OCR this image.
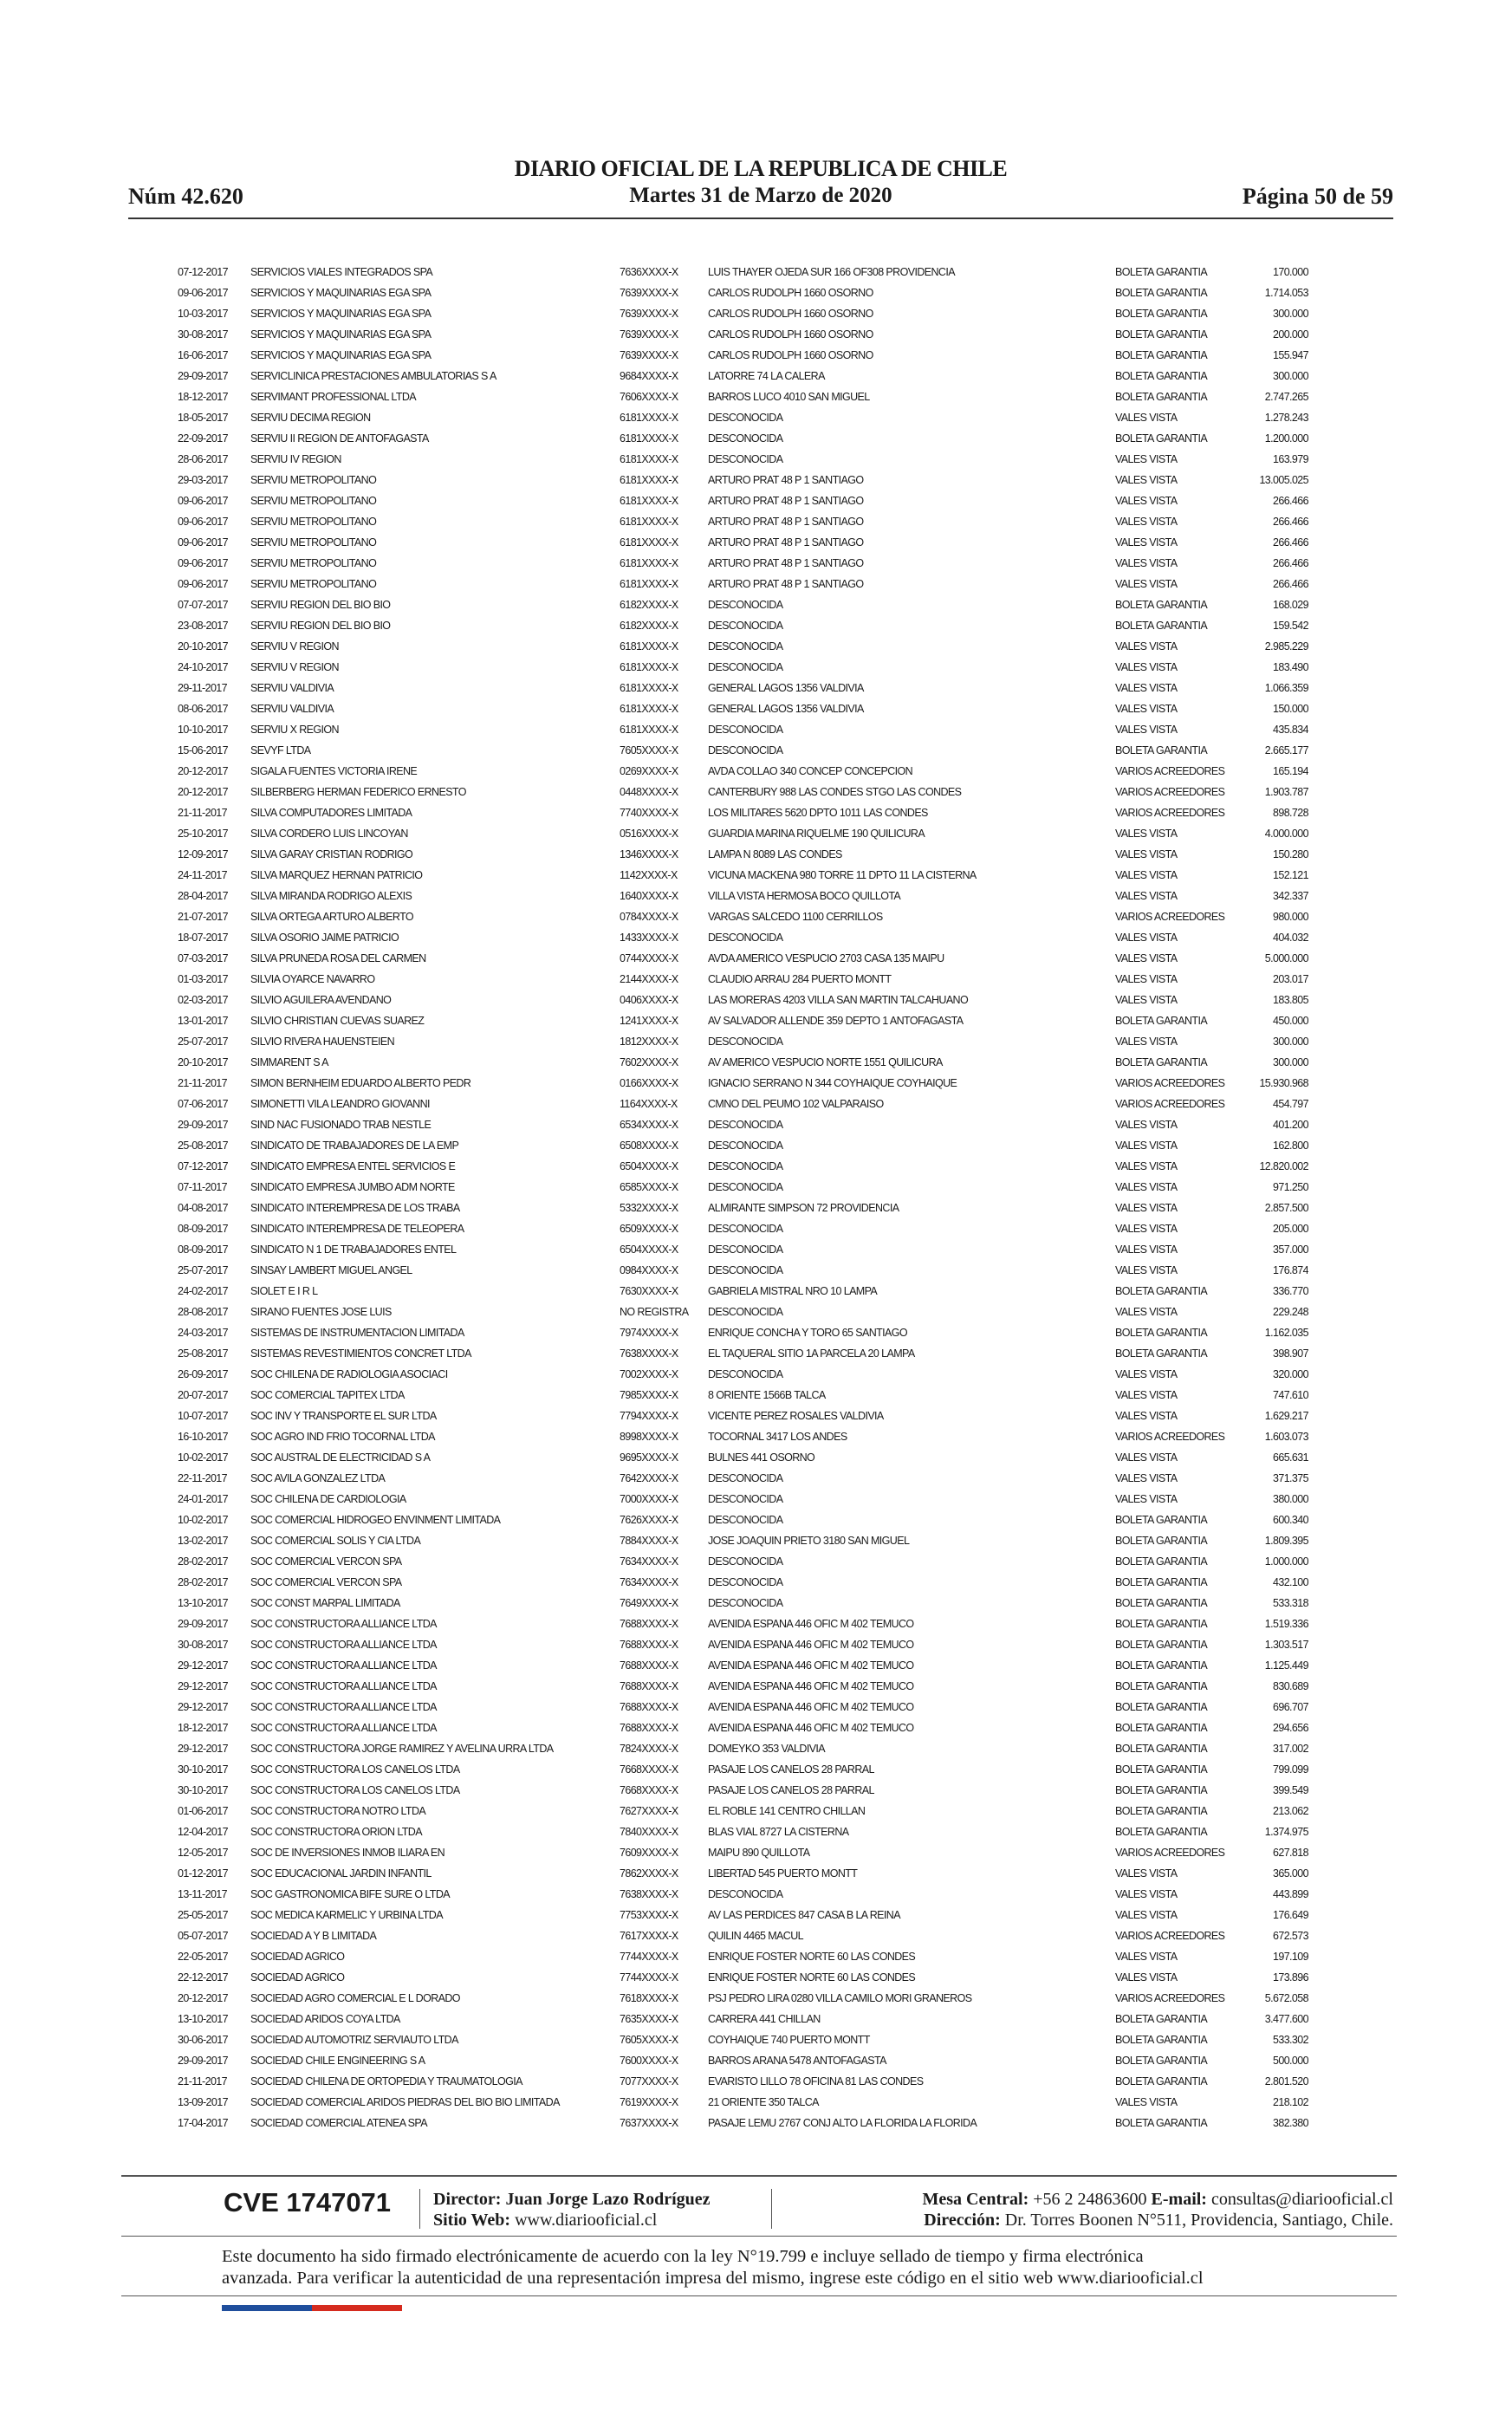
Núm 42.620
DIARIO OFICIAL DE LA REPUBLICA DE CHILE
Martes 31 de Marzo de 2020	Página 50 de 59
07-12-2017	SERVICIOS VIALES INTEGRADOS SPA	7636XXXX-X	LUIS THAYER OJEDA SUR 166 OF308 PROVIDENCIA	BOLETA GARANTIA	170.000
09-06-2017	SERVICIOS Y MAQUINARIAS EGA SPA	7639XXXX-X	CARLOS RUDOLPH 1660 OSORNO	BOLETA GARANTIA	1.714.053
10-03-2017	SERVICIOS Y MAQUINARIAS EGA SPA	7639XXXX-X	CARLOS RUDOLPH 1660 OSORNO	BOLETA GARANTIA	300.000
30-08-2017	SERVICIOS Y MAQUINARIAS EGA SPA	7639XXXX-X	CARLOS RUDOLPH 1660 OSORNO	BOLETA GARANTIA	200.000
16-06-2017	SERVICIOS Y MAQUINARIAS EGA SPA	7639XXXX-X	CARLOS RUDOLPH 1660 OSORNO	BOLETA GARANTIA	155.947
29-09-2017	SERVICLINICA PRESTACIONES AMBULATORIAS S A	9684XXXX-X	LATORRE 74 LA CALERA	BOLETA GARANTIA	300.000
18-12-2017	SERVIMANT PROFESSIONAL LTDA	7606XXXX-X	BARROS LUCO 4010 SAN MIGUEL	BOLETA GARANTIA	2.747.265
18-05-2017	SERVIU DECIMA REGION	6181XXXX-X	DESCONOCIDA	VALES VISTA	1.278.243
22-09-2017	SERVIU II REGION DE ANTOFAGASTA	6181XXXX-X	DESCONOCIDA	BOLETA GARANTIA	1.200.000
28-06-2017	SERVIU IV REGION	6181XXXX-X	DESCONOCIDA	VALES VISTA	163.979
29-03-2017	SERVIU METROPOLITANO	6181XXXX-X	ARTURO PRAT 48 P 1 SANTIAGO	VALES VISTA	13.005.025
09-06-2017	SERVIU METROPOLITANO	6181XXXX-X	ARTURO PRAT 48 P 1 SANTIAGO	VALES VISTA	266.466
09-06-2017	SERVIU METROPOLITANO	6181XXXX-X	ARTURO PRAT 48 P 1 SANTIAGO	VALES VISTA	266.466
09-06-2017	SERVIU METROPOLITANO	6181XXXX-X	ARTURO PRAT 48 P 1 SANTIAGO	VALES VISTA	266.466
09-06-2017	SERVIU METROPOLITANO	6181XXXX-X	ARTURO PRAT 48 P 1 SANTIAGO	VALES VISTA	266.466
09-06-2017	SERVIU METROPOLITANO	6181XXXX-X	ARTURO PRAT 48 P 1 SANTIAGO	VALES VISTA	266.466
07-07-2017	SERVIU REGION DEL BIO BIO	6182XXXX-X	DESCONOCIDA	BOLETA GARANTIA	168.029
23-08-2017	SERVIU REGION DEL BIO BIO	6182XXXX-X	DESCONOCIDA	BOLETA GARANTIA	159.542
20-10-2017	SERVIU V REGION	6181XXXX-X	DESCONOCIDA	VALES VISTA	2.985.229
24-10-2017	SERVIU V REGION	6181XXXX-X	DESCONOCIDA	VALES VISTA	183.490
29-11-2017	SERVIU VALDIVIA	6181XXXX-X	GENERAL LAGOS 1356 VALDIVIA	VALES VISTA	1.066.359
08-06-2017	SERVIU VALDIVIA	6181XXXX-X	GENERAL LAGOS 1356 VALDIVIA	VALES VISTA	150.000
10-10-2017	SERVIU X REGION	6181XXXX-X	DESCONOCIDA	VALES VISTA	435.834
15-06-2017	SEVYF LTDA	7605XXXX-X	DESCONOCIDA	BOLETA GARANTIA	2.665.177
20-12-2017	SIGALA FUENTES VICTORIA IRENE	0269XXXX-X	AVDA COLLAO 340 CONCEP CONCEPCION	VARIOS ACREEDORES	165.194
20-12-2017	SILBERBERG HERMAN FEDERICO ERNESTO	0448XXXX-X	CANTERBURY 988 LAS CONDES STGO LAS CONDES	VARIOS ACREEDORES	1.903.787
21-11-2017	SILVA COMPUTADORES LIMITADA	7740XXXX-X	LOS MILITARES 5620 DPTO 1011 LAS CONDES	VARIOS ACREEDORES	898.728
25-10-2017	SILVA CORDERO LUIS LINCOYAN	0516XXXX-X	GUARDIA MARINA RIQUELME 190 QUILICURA	VALES VISTA	4.000.000
12-09-2017	SILVA GARAY CRISTIAN RODRIGO	1346XXXX-X	LAMPA N 8089 LAS CONDES	VALES VISTA	150.280
24-11-2017	SILVA MARQUEZ HERNAN PATRICIO	1142XXXX-X	VICUNA MACKENA 980 TORRE 11 DPTO 11 LA CISTERNA	VALES VISTA	152.121
28-04-2017	SILVA MIRANDA RODRIGO ALEXIS	1640XXXX-X	VILLA VISTA HERMOSA BOCO QUILLOTA	VALES VISTA	342.337
21-07-2017	SILVA ORTEGA ARTURO ALBERTO	0784XXXX-X	VARGAS SALCEDO 1100 CERRILLOS	VARIOS ACREEDORES	980.000
18-07-2017	SILVA OSORIO JAIME PATRICIO	1433XXXX-X	DESCONOCIDA	VALES VISTA	404.032
07-03-2017	SILVA PRUNEDA ROSA DEL CARMEN	0744XXXX-X	AVDA AMERICO VESPUCIO 2703 CASA 135 MAIPU	VALES VISTA	5.000.000
01-03-2017	SILVIA OYARCE NAVARRO	2144XXXX-X	CLAUDIO ARRAU 284 PUERTO MONTT	VALES VISTA	203.017
02-03-2017	SILVIO AGUILERA AVENDANO	0406XXXX-X	LAS MORERAS 4203 VILLA SAN MARTIN TALCAHUANO	VALES VISTA	183.805
13-01-2017	SILVIO CHRISTIAN CUEVAS SUAREZ	1241XXXX-X	AV SALVADOR ALLENDE 359 DEPTO 1 ANTOFAGASTA	BOLETA GARANTIA	450.000
25-07-2017	SILVIO RIVERA HAUENSTEIEN	1812XXXX-X	DESCONOCIDA	VALES VISTA	300.000
20-10-2017	SIMMARENT S A	7602XXXX-X	AV AMERICO VESPUCIO NORTE 1551 QUILICURA	BOLETA GARANTIA	300.000
21-11-2017	SIMON BERNHEIM EDUARDO ALBERTO PEDR	0166XXXX-X	IGNACIO SERRANO N 344 COYHAIQUE COYHAIQUE	VARIOS ACREEDORES	15.930.968
07-06-2017	SIMONETTI VILA LEANDRO GIOVANNI	1164XXXX-X	CMNO DEL PEUMO 102 VALPARAISO	VARIOS ACREEDORES	454.797
29-09-2017	SIND NAC FUSIONADO TRAB NESTLE	6534XXXX-X	DESCONOCIDA	VALES VISTA	401.200
25-08-2017	SINDICATO DE TRABAJADORES DE LA EMP	6508XXXX-X	DESCONOCIDA	VALES VISTA	162.800
07-12-2017	SINDICATO EMPRESA ENTEL SERVICIOS E	6504XXXX-X	DESCONOCIDA	VALES VISTA	12.820.002
07-11-2017	SINDICATO EMPRESA JUMBO ADM NORTE	6585XXXX-X	DESCONOCIDA	VALES VISTA	971.250
04-08-2017	SINDICATO INTEREMPRESA DE LOS TRABA	5332XXXX-X	ALMIRANTE SIMPSON 72 PROVIDENCIA	VALES VISTA	2.857.500
08-09-2017	SINDICATO INTEREMPRESA DE TELEOPERA	6509XXXX-X	DESCONOCIDA	VALES VISTA	205.000
08-09-2017	SINDICATO N 1 DE TRABAJADORES ENTEL	6504XXXX-X	DESCONOCIDA	VALES VISTA	357.000
25-07-2017	SINSAY LAMBERT MIGUEL ANGEL	0984XXXX-X	DESCONOCIDA	VALES VISTA	176.874
24-02-2017	SIOLET E I R L	7630XXXX-X	GABRIELA MISTRAL NRO 10 LAMPA	BOLETA GARANTIA	336.770
28-08-2017	SIRANO FUENTES JOSE LUIS	NO REGISTRA	DESCONOCIDA	VALES VISTA	229.248
24-03-2017	SISTEMAS DE INSTRUMENTACION LIMITADA	7974XXXX-X	ENRIQUE CONCHA Y TORO 65 SANTIAGO	BOLETA GARANTIA	1.162.035
25-08-2017	SISTEMAS REVESTIMIENTOS CONCRET LTDA	7638XXXX-X	EL TAQUERAL SITIO 1A PARCELA 20 LAMPA	BOLETA GARANTIA	398.907
26-09-2017	SOC CHILENA DE RADIOLOGIA ASOCIACI	7002XXXX-X	DESCONOCIDA	VALES VISTA	320.000
20-07-2017	SOC COMERCIAL TAPITEX LTDA	7985XXXX-X	8 ORIENTE 1566B TALCA	VALES VISTA	747.610
10-07-2017	SOC INV Y TRANSPORTE EL SUR LTDA	7794XXXX-X	VICENTE PEREZ ROSALES VALDIVIA	VALES VISTA	1.629.217
16-10-2017	SOC AGRO IND FRIO TOCORNAL LTDA	8998XXXX-X	TOCORNAL 3417 LOS ANDES	VARIOS ACREEDORES	1.603.073
10-02-2017	SOC AUSTRAL DE ELECTRICIDAD S A	9695XXXX-X	BULNES 441 OSORNO	VALES VISTA	665.631
22-11-2017	SOC AVILA GONZALEZ LTDA	7642XXXX-X	DESCONOCIDA	VALES VISTA	371.375
24-01-2017	SOC CHILENA DE CARDIOLOGIA	7000XXXX-X	DESCONOCIDA	VALES VISTA	380.000
10-02-2017	SOC COMERCIAL HIDROGEO ENVINMENT LIMITADA	7626XXXX-X	DESCONOCIDA	BOLETA GARANTIA	600.340
13-02-2017	SOC COMERCIAL SOLIS Y CIA LTDA	7884XXXX-X	JOSE JOAQUIN PRIETO 3180 SAN MIGUEL	BOLETA GARANTIA	1.809.395
28-02-2017	SOC COMERCIAL VERCON SPA	7634XXXX-X	DESCONOCIDA	BOLETA GARANTIA	1.000.000
28-02-2017	SOC COMERCIAL VERCON SPA	7634XXXX-X	DESCONOCIDA	BOLETA GARANTIA	432.100
13-10-2017	SOC CONST MARPAL LIMITADA	7649XXXX-X	DESCONOCIDA	BOLETA GARANTIA	533.318
29-09-2017	SOC CONSTRUCTORA ALLIANCE LTDA	7688XXXX-X	AVENIDA ESPANA 446 OFIC M 402 TEMUCO	BOLETA GARANTIA	1.519.336
30-08-2017	SOC CONSTRUCTORA ALLIANCE LTDA	7688XXXX-X	AVENIDA ESPANA 446 OFIC M 402 TEMUCO	BOLETA GARANTIA	1.303.517
29-12-2017	SOC CONSTRUCTORA ALLIANCE LTDA	7688XXXX-X	AVENIDA ESPANA 446 OFIC M 402 TEMUCO	BOLETA GARANTIA	1.125.449
29-12-2017	SOC CONSTRUCTORA ALLIANCE LTDA	7688XXXX-X	AVENIDA ESPANA 446 OFIC M 402 TEMUCO	BOLETA GARANTIA	830.689
29-12-2017	SOC CONSTRUCTORA ALLIANCE LTDA	7688XXXX-X	AVENIDA ESPANA 446 OFIC M 402 TEMUCO	BOLETA GARANTIA	696.707
18-12-2017	SOC CONSTRUCTORA ALLIANCE LTDA	7688XXXX-X	AVENIDA ESPANA 446 OFIC M 402 TEMUCO	BOLETA GARANTIA	294.656
29-12-2017	SOC CONSTRUCTORA JORGE RAMIREZ Y AVELINA URRA LTDA	7824XXXX-X	DOMEYKO 353 VALDIVIA	BOLETA GARANTIA	317.002
30-10-2017	SOC CONSTRUCTORA LOS CANELOS LTDA	7668XXXX-X	PASAJE LOS CANELOS 28 PARRAL	BOLETA GARANTIA	799.099
30-10-2017	SOC CONSTRUCTORA LOS CANELOS LTDA	7668XXXX-X	PASAJE LOS CANELOS 28 PARRAL	BOLETA GARANTIA	399.549
01-06-2017	SOC CONSTRUCTORA NOTRO LTDA	7627XXXX-X	EL ROBLE 141 CENTRO CHILLAN	BOLETA GARANTIA	213.062
12-04-2017	SOC CONSTRUCTORA ORION LTDA	7840XXXX-X	BLAS VIAL 8727 LA CISTERNA	BOLETA GARANTIA	1.374.975
12-05-2017	SOC DE INVERSIONES INMOB ILIARA EN	7609XXXX-X	MAIPU 890 QUILLOTA	VARIOS ACREEDORES	627.818
01-12-2017	SOC EDUCACIONAL JARDIN INFANTIL	7862XXXX-X	LIBERTAD 545 PUERTO MONTT	VALES VISTA	365.000
13-11-2017	SOC GASTRONOMICA BIFE SURE O LTDA	7638XXXX-X	DESCONOCIDA	VALES VISTA	443.899
25-05-2017	SOC MEDICA KARMELIC Y URBINA LTDA	7753XXXX-X	AV LAS PERDICES 847 CASA B LA REINA	VALES VISTA	176.649
05-07-2017	SOCIEDAD A Y B LIMITADA	7617XXXX-X	QUILIN 4465 MACUL	VARIOS ACREEDORES	672.573
22-05-2017	SOCIEDAD AGRICO	7744XXXX-X	ENRIQUE FOSTER NORTE 60 LAS CONDES	VALES VISTA	197.109
22-12-2017	SOCIEDAD AGRICO	7744XXXX-X	ENRIQUE FOSTER NORTE 60 LAS CONDES	VALES VISTA	173.896
20-12-2017	SOCIEDAD AGRO COMERCIAL E L DORADO	7618XXXX-X	PSJ PEDRO LIRA 0280 VILLA CAMILO MORI GRANEROS	VARIOS ACREEDORES	5.672.058
13-10-2017	SOCIEDAD ARIDOS COYA LTDA	7635XXXX-X	CARRERA 441 CHILLAN	BOLETA GARANTIA	3.477.600
30-06-2017	SOCIEDAD AUTOMOTRIZ SERVIAUTO LTDA	7605XXXX-X	COYHAIQUE 740 PUERTO MONTT	BOLETA GARANTIA	533.302
29-09-2017	SOCIEDAD CHILE ENGINEERING S A	7600XXXX-X	BARROS ARANA 5478 ANTOFAGASTA	BOLETA GARANTIA	500.000
21-11-2017	SOCIEDAD CHILENA DE ORTOPEDIA Y TRAUMATOLOGIA	7077XXXX-X	EVARISTO LILLO 78 OFICINA 81 LAS CONDES	BOLETA GARANTIA	2.801.520
13-09-2017	SOCIEDAD COMERCIAL ARIDOS PIEDRAS DEL BIO BIO LIMITADA	7619XXXX-X	21 ORIENTE 350 TALCA	VALES VISTA	218.102
17-04-2017	SOCIEDAD COMERCIAL ATENEA SPA	7637XXXX-X	PASAJE LEMU 2767 CONJ ALTO LA FLORIDA LA FLORIDA	BOLETA GARANTIA	382.380
CVE 1747071 Director: Juan Jorge Lazo Rodríguez
Sitio Web: www.diariooficial.cl
Mesa Central: +56 2 24863600 E-mail: consultas@diariooficial.cl
Dirección: Dr. Torres Boonen N°511, Providencia, Santiago, Chile.
Este documento ha sido firmado electrónicamente de acuerdo con la ley N°19.799 e incluye sellado de tiempo y firma electrónica
avanzada. Para verificar la autenticidad de una representación impresa del mismo, ingrese este código en el sitio web www.diariooficial.cl
